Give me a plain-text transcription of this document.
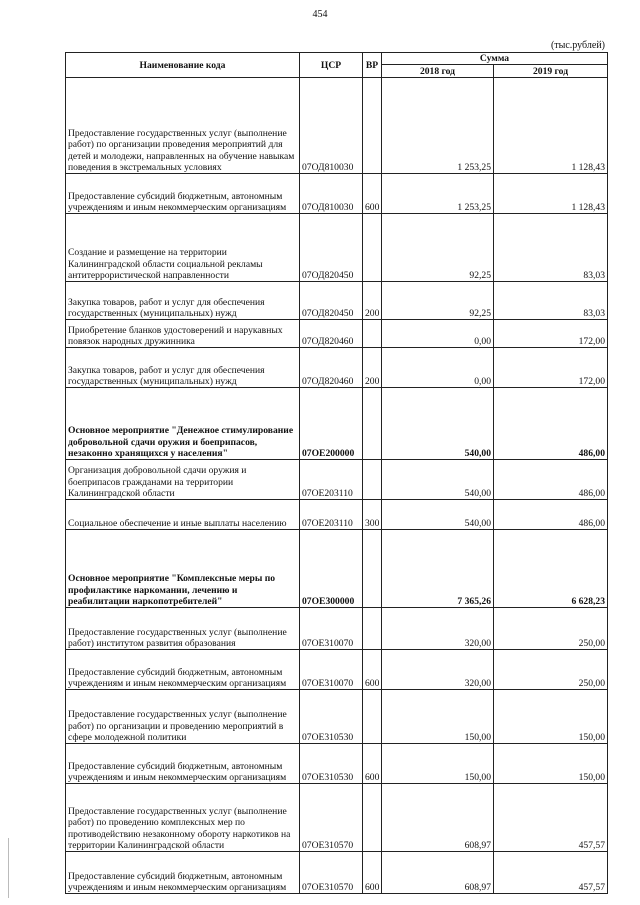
454
(тыс.рублей)
Наименование кода	ЦСР	ВР	Сумма	
			2018 год	2019 год
Предоставление государственных услуг (выполнение работ) по организации проведения мероприятий для детей и молодежи, направленных на обучение навыкам поведения в экстремальных условиях	07ОД810030		1 253,25	1 128,43
Предоставление субсидий бюджетным, автономным учреждениям и иным некоммерческим организациям	07ОД810030	600	1 253,25	1 128,43
Создание и размещение на территории Калининградской области социальной рекламы антитеррористической направленности	07ОД820450		92,25	83,03
Закупка товаров, работ и услуг для обеспечения государственных (муниципальных) нужд	07ОД820450	200	92,25	83,03
Приобретение бланков удостоверений и нарукавных повязок народных дружинника	07ОД820460		0,00	172,00
Закупка товаров, работ и услуг для обеспечения государственных (муниципальных) нужд	07ОД820460	200	0,00	172,00
Основное мероприятие "Денежное стимулирование добровольной сдачи оружия и боеприпасов, незаконно хранящихся у населения"	07ОЕ200000		540,00	486,00
Организация добровольной сдачи оружия и боеприпасов гражданами на территории Калининградской области	07ОЕ203110		540,00	486,00
Социальное обеспечение и иные выплаты населению	07ОЕ203110	300	540,00	486,00
Основное мероприятие "Комплексные меры по профилактике наркомании, лечению и реабилитации наркопотребителей"	07ОЕ300000		7 365,26	6 628,23
Предоставление государственных услуг (выполнение работ) институтом развития образования	07ОЕ310070		320,00	250,00
Предоставление субсидий бюджетным, автономным учреждениям и иным некоммерческим организациям	07ОЕ310070	600	320,00	250,00
Предоставление государственных услуг (выполнение работ) по организации и проведению мероприятий в сфере молодежной политики	07ОЕ310530		150,00	150,00
Предоставление субсидий бюджетным, автономным учреждениям и иным некоммерческим организациям	07ОЕ310530	600	150,00	150,00
Предоставление государственных услуг (выполнение работ) по проведению комплексных мер по противодействию незаконному обороту наркотиков на территории Калининградской области	07ОЕ310570		608,97	457,57
Предоставление субсидий бюджетным, автономным учреждениям и иным некоммерческим организациям	07ОЕ310570	600	608,97	457,57
